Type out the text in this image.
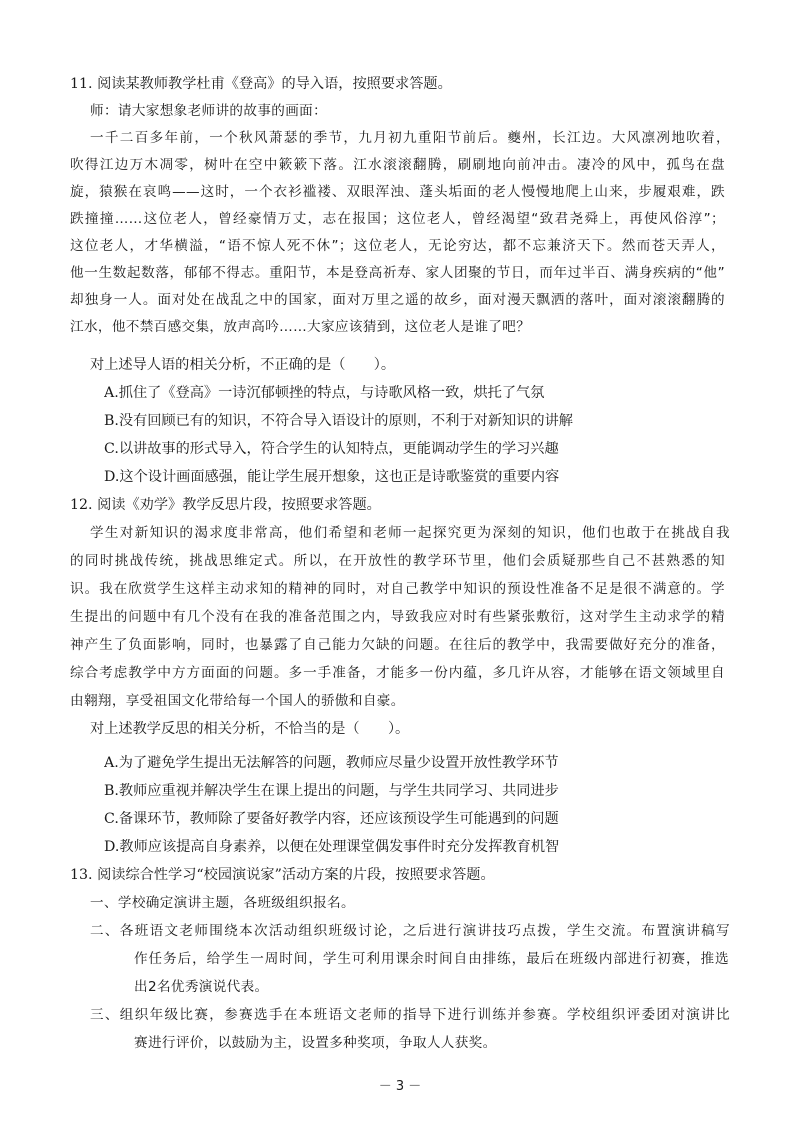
11. 阅读某教师教学杜甫《登高》的导入语，按照要求答题。
师：请大家想象老师讲的故事的画面：
一千二百多年前，一个秋风萧瑟的季节，九月初九重阳节前后。夔州，长江边。大风凛冽地吹着，
吹得江边万木凋零，树叶在空中簌簌下落。江水滚滚翻腾，刷刷地向前冲击。凄冷的风中，孤鸟在盘
旋，猿猴在哀鸣——这时，一个衣衫褴褛、双眼浑浊、蓬头垢面的老人慢慢地爬上山来，步履艰难，跌
跌撞撞……这位老人，曾经豪情万丈，志在报国；这位老人，曾经渴望“致君尧舜上，再使风俗淳”；
这位老人，才华横溢，“语不惊人死不休”；这位老人，无论穷达，都不忘兼济天下。然而苍天弄人，
他一生数起数落，郁郁不得志。重阳节，本是登高祈寿、家人团聚的节日，而年过半百、满身疾病的“他”
却独身一人。面对处在战乱之中的国家，面对万里之遥的故乡，面对漫天飘洒的落叶，面对滚滚翻腾的
江水，他不禁百感交集，放声高吟……大家应该猜到，这位老人是谁了吧？
对上述导人语的相关分析，不正确的是（　　）。
A.抓住了《登高》一诗沉郁顿挫的特点，与诗歌风格一致，烘托了气氛
B.没有回顾已有的知识，不符合导入语设计的原则，不利于对新知识的讲解
C.以讲故事的形式导入，符合学生的认知特点，更能调动学生的学习兴趣
D.这个设计画面感强，能让学生展开想象，这也正是诗歌鉴赏的重要内容
12. 阅读《劝学》教学反思片段，按照要求答题。
学生对新知识的渴求度非常高，他们希望和老师一起探究更为深刻的知识，他们也敢于在挑战自我
的同时挑战传统，挑战思维定式。所以，在开放性的教学环节里，他们会质疑那些自己不甚熟悉的知
识。我在欣赏学生这样主动求知的精神的同时，对自己教学中知识的预设性准备不足是很不满意的。学
生提出的问题中有几个没有在我的准备范围之内，导致我应对时有些紧张敷衍，这对学生主动求学的精
神产生了负面影响，同时，也暴露了自己能力欠缺的问题。在往后的教学中，我需要做好充分的准备，
综合考虑教学中方方面面的问题。多一手准备，才能多一份内蕴，多几许从容，才能够在语文领域里自
由翱翔，享受祖国文化带给每一个国人的骄傲和自豪。
对上述教学反思的相关分析，不恰当的是（　　）。
A.为了避免学生提出无法解答的问题，教师应尽量少设置开放性教学环节
B.教师应重视并解决学生在课上提出的问题，与学生共同学习、共同进步
C.备课环节，教师除了要备好教学内容，还应该预设学生可能遇到的问题
D.教师应该提高自身素养，以便在处理课堂偶发事件时充分发挥教育机智
13. 阅读综合性学习“校园演说家”活动方案的片段，按照要求答题。
一、学校确定演讲主题，各班级组织报名。
二、各班语文老师围绕本次活动组织班级讨论，之后进行演讲技巧点拨，学生交流。布置演讲稿写
作任务后，给学生一周时间，学生可利用课余时间自由排练，最后在班级内部进行初赛，推选
出2名优秀演说代表。
三、组织年级比赛，参赛选手在本班语文老师的指导下进行训练并参赛。学校组织评委团对演讲比
赛进行评价，以鼓励为主，设置多种奖项，争取人人获奖。
－ 3 －
